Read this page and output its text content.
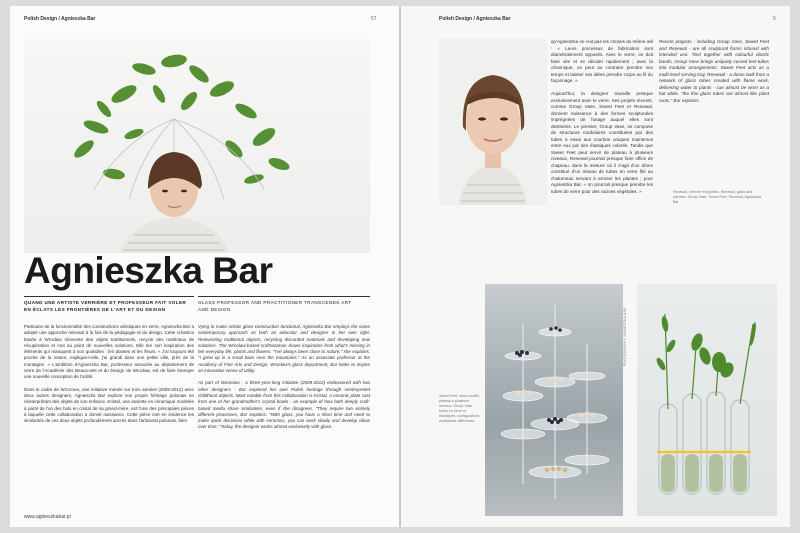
Polish Design / Agnieszka Bar	57
Agnieszka Bar
QUAND UNE ARTISTE VERRIÈRE ET PROFESSEUR FAIT VOLER EN ÉCLATS LES FRONTIÈRES DE L'ART ET DU DESIGN
GLASS PROFESSOR AND PRACTITIONER TRANSCENDS ART AND DESIGN

Partisane de la fonctionnalité des constructions artistiques en verre, Agnieszka Bar a adopté une approche relevant à la fois de la pédagogie et du design. Cette créatrice basée à Wrocław réinvente des objets traditionnels, recycle des matériaux de récupération et met au point de nouvelles solutions. Elle tire son inspiration des éléments qui manquent à son quotidien : les plantes et les fleurs. « J'ai toujours été proche de la nature, explique-t-elle, j'ai grandi dans une petite ville, près de la montagne. » L'ambition d'Agnieszka Bar, professeur associée au département de verre de l'Académie des Beaux-arts et du Design de Wrocław, est de faire émerger une nouvelle conception de l'utilité.

Dans le cadre de Wzorowo, une initiative menée sur trois années (2009-2012) avec deux autres designers, Agnieszka Bar explore son propre héritage polonais en réinterprétant des objets de son enfance. Kristal, une assiette en céramique modelée à partir de l'un des bols en cristal de sa grand-mère, est l'une des principales pièces à laquelle cette collaboration a donné naissance. Cette pièce met en évidence les similarités de ces deux objets profondément ancrés dans l'artisanat polonais, bien

Vying to make artistic glass construction functional, Agnieszka Bar employs the same contemporary approach as both an educator and designer in her own right. Reinventing traditional objects, recycling discarded materials and developing new solutions. The Wrocław-based craftswoman draws inspiration from what's missing in her everyday life, plants and flowers. "I've always been close to nature," she explains. "I grew up in a small town near the mountains." As an associate professor at the Academy of Fine Arts and Design, Wrocław's glass department, Bar looks to inspire an innovative sense of utility.

As part of Wzorowo - a three-year-long initiative (2009-2012) endeavored with two other designers - Bar explored her own Polish heritage through reinterpreted childhood objects. Most notable from this collaboration is Kristal, a ceramic plate cast from one of her grandmother's crystal bowls - an example of how both deeply craft-based media share similarities, even if she disagrees. "They require two entirely different processes, Bar explains. "With glass, you have a short time and need to make quick decisions while with ceramics, you can work slowly and develop ideas over time." Today, the designer works almost exclusively with glass.

www.agnieszkabar.pl
Polish Design / Agnieszka Bar	5
qu'Agnieszka ne voit pas les choses du même œil : « Leurs processus de fabrication sont diamétralement opposés. Avec le verre, on doit faire vite et se décider rapidement ; avec la céramique, on peut au contraire prendre son temps et laisser ses idées prendre corps au fil du façonnage. »

Aujourd'hui, la designer travaille presque exclusivement avec le verre. Ses projets récents, comme Group Vase, Sweet Feet et Renewal, donnent naissance à des formes sculpturales imprégnées de l'usage auquel elles sont destinées. Le premier, Group Vase, se compose de structures modulaires constituées par des tubes à essai aux courbes uniques maintenus entre eux par des élastiques colorés. Tandis que Sweet Feet peut servir de plateau à plusieurs niveaux, Renewal pourrait presque faire office de chapeau, dans la mesure où il s'agit d'un dôme constitué d'un réseau de tubes en verre filé au chalumeau servant à arroser les plantes ; pour Agnieszka Bar, « on pourrait presque prendre les tubes de verre pour des racines végétales. »
Recent projects - including Group Vase, Sweet Feet and Renewal - are all sculptural forms infused with intended use. Tied together with colourful elastic bands, Group Vase brings uniquely curved test-tubes into modular arrangements. Sweet Feet acts as a multi-level serving tray, Renewal - a dome built from a network of glass tubes created with flame work, delivering water to plants - can almost be worn as a hat while, "the thin glass tubes are almost like plant roots," Bar explains.
Renewal, verrerie et pipettes, Renewal, glass and pipettes. Group Vase, Sweet Feet, Renewal, Agnieszka Bar
Sweet Feet, verre soufflé, plateau à plusieurs niveaux. Group Vase, tubes en verre et élastiques, configurations modulaires différentes
PHOTOGRAPHY: AGNIESZKA BAR
